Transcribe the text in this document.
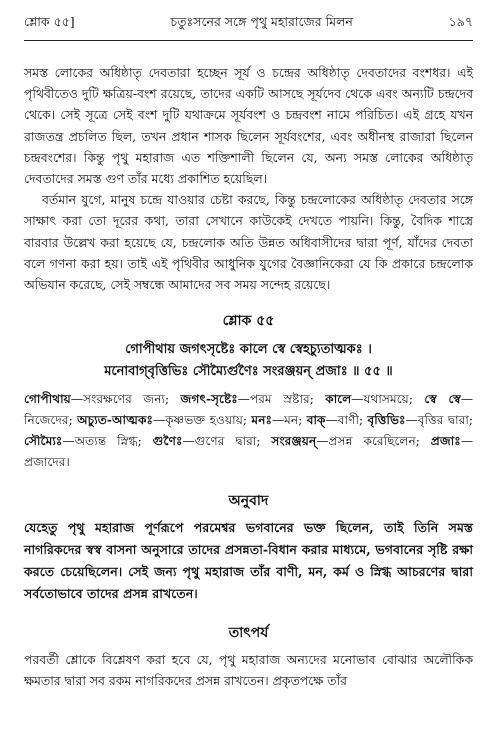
শ্লোক ৫৫]	চতুঃসনের সঙ্গে পৃথু মহারাজের মিলন	১৯৭

সমস্ত লোকের অধিষ্ঠাতৃ দেবতারা হচ্ছেন সূর্য ও চন্দ্রের অধিষ্ঠাতৃ দেবতাদের বংশধর। এই পৃথিবীতেও দুটি ক্ষত্রিয়-বংশ রয়েছে, তাদের একটি আসছে সূর্যদেব থেকে এবং অন্যটি চন্দ্রদেব থেকে। সেই সূত্রে সেই বংশ দুটি যথাক্রমে সূর্যবংশ ও চন্দ্রবংশ নামে পরিচিত। এই গ্রহে যখন রাজতন্ত্র প্রচলিত ছিল, তখন প্রধান শাসক ছিলেন সূর্যবংশের, এবং অধীনস্থ রাজারা ছিলেন চন্দ্রবংশের। কিন্তু পৃথু মহারাজ এত শক্তিশালী ছিলেন যে, অন্য সমস্ত লোকের অধিষ্ঠাতৃ দেবতাদের সমস্ত গুণ তাঁর মধ্যে প্রকাশিত হয়েছিল।

বর্তমান যুগে, মানুষ চন্দ্রে যাওয়ার চেষ্টা করছে, কিন্তু চন্দ্রলোকের অধিষ্ঠাতৃ দেবতার সঙ্গে সাক্ষাৎ করা তো দূরের কথা, তারা সেখানে কাউকেই দেখতে পায়নি। কিন্তু, বৈদিক শাস্ত্রে বারবার উল্লেখ করা হয়েছে যে, চন্দ্রলোক অতি উন্নত অধিবাসীদের দ্বারা পূর্ণ, যাঁদের দেবতা বলে গণনা করা হয়। তাই এই পৃথিবীর আধুনিক যুগের বৈজ্ঞানিকেরা যে কি প্রকারে চন্দ্রলোক অভিযান করেছে, সেই সম্বন্ধে আমাদের সব সময় সন্দেহ রয়েছে।

শ্লোক ৫৫
গোপীথায় জগৎসৃষ্টেঃ কালে স্বে স্বেহচ্যুতাত্মকঃ ।
মনোবাগ্‌বৃত্তিভিঃ সৌম্যৈর্গুণৈঃ সংরঞ্জয়ন্ প্রজাঃ ॥ ৫৫ ॥
গোপীথায়—সংরক্ষণের জন্য; জগৎ-সৃষ্টেঃ—পরম স্রষ্টার; কালে—যথাসময়ে; স্বে স্বে—নিজেদের; অচ্যুত-আত্মকঃ—কৃষ্ণভক্ত হওয়ায়; মনঃ—মন; বাক্—বাণী; বৃত্তিভিঃ—বৃত্তির দ্বারা; সৌম্যৈঃ—অত্যন্ত স্নিগ্ধ; গুণৈঃ—গুণের দ্বারা; সংরঞ্জয়ন্—প্রসন্ন করেছিলেন; প্রজাঃ—প্রজাদের।
অনুবাদ
যেহেতু পৃথু মহারাজ পূর্ণরূপে পরমেশ্বর ভগবানের ভক্ত ছিলেন, তাই তিনি সমস্ত নাগরিকদের স্বস্ব বাসনা অনুসারে তাদের প্রসন্নতা-বিধান করার মাধ্যমে, ভগবানের সৃষ্টি রক্ষা করতে চেয়েছিলেন। সেই জন্য পৃথু মহারাজ তাঁর বাণী, মন, কর্ম ও স্নিগ্ধ আচরণের দ্বারা সর্বতোভাবে তাদের প্রসন্ন রাখতেন।
তাৎপর্য
পরবর্তী শ্লোকে বিশ্লেষণ করা হবে যে, পৃথু মহারাজ অন্যদের মনোভাব বোঝার অলৌকিক ক্ষমতার দ্বারা সব রকম নাগরিকদের প্রসন্ন রাখতেন। প্রকৃতপক্ষে তাঁর
